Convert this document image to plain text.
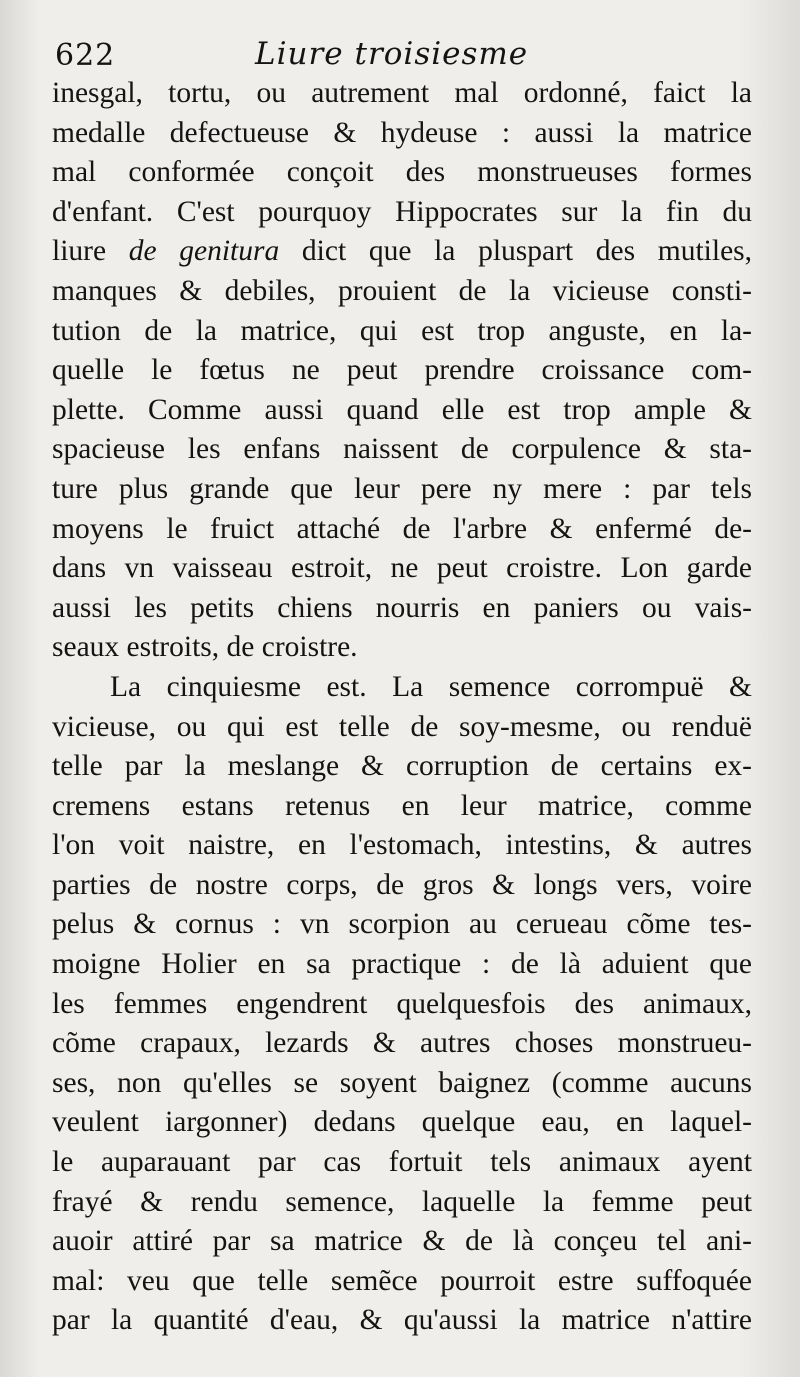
622	Liure troisiesme
inesgal, tortu, ou autrement mal ordonné, faict la
medalle defectueuse & hydeuse : aussi la matrice
mal conformée conçoit des monstrueuses formes
d'enfant. C'est pourquoy Hippocrates sur la fin du
liure de genitura dict que la pluspart des mutiles,
manques & debiles, prouient de la vicieuse consti-
tution de la matrice, qui est trop anguste, en la-
quelle le fœtus ne peut prendre croissance com-
plette. Comme aussi quand elle est trop ample &
spacieuse les enfans naissent de corpulence & sta-
ture plus grande que leur pere ny mere : par tels
moyens le fruict attaché de l'arbre & enfermé de-
dans vn vaisseau estroit, ne peut croistre. Lon garde
aussi les petits chiens nourris en paniers ou vais-
seaux estroits, de croistre.
La cinquiesme est. La semence corrompuë &
vicieuse, ou qui est telle de soy-mesme, ou renduë
telle par la meslange & corruption de certains ex-
cremens estans retenus en leur matrice, comme
l'on voit naistre, en l'estomach, intestins, & autres
parties de nostre corps, de gros & longs vers, voire
pelus & cornus : vn scorpion au cerueau cõme tes-
moigne Holier en sa practique : de là aduient que
les femmes engendrent quelquesfois des animaux,
cõme crapaux, lezards & autres choses monstrueu-
ses, non qu'elles se soyent baignez (comme aucuns
veulent iargonner) dedans quelque eau, en laquel-
le auparauant par cas fortuit tels animaux ayent
frayé & rendu semence, laquelle la femme peut
auoir attiré par sa matrice & de là conçeu tel ani-
mal: veu que telle semẽce pourroit estre suffoquée
par la quantité d'eau, & qu'aussi la matrice n'attire
